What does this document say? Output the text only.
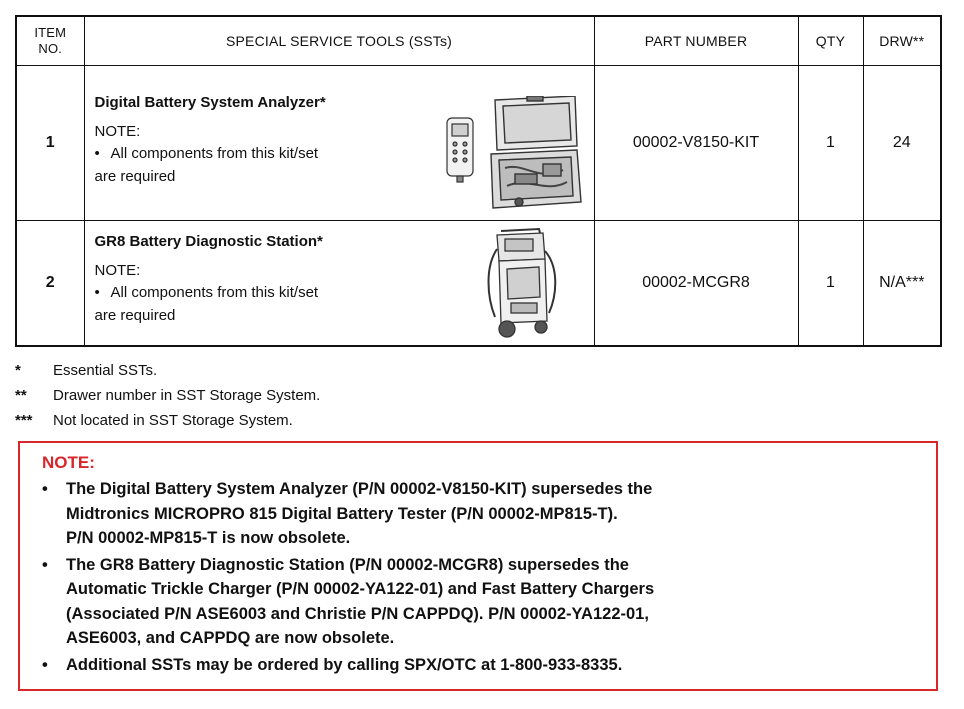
ITEM
NO.	SPECIAL SERVICE TOOLS (SSTs)	PART NUMBER	QTY	DRW**
1	Digital Battery System Analyzer*
NOTE:
• All components from this kit/set
are required	00002-V8150-KIT	1	24
2	GR8 Battery Diagnostic Station*
NOTE:
• All components from this kit/set
are required	00002-MCGR8	1	N/A***
*	Essential SSTs.
**	Drawer number in SST Storage System.
***	Not located in SST Storage System.
NOTE:
•	The Digital Battery System Analyzer (P/N 00002-V8150-KIT) supersedes the
Midtronics MICROPRO 815 Digital Battery Tester (P/N 00002-MP815-T).
P/N 00002-MP815-T is now obsolete.
•	The GR8 Battery Diagnostic Station (P/N 00002-MCGR8) supersedes the
Automatic Trickle Charger (P/N 00002-YA122-01) and Fast Battery Chargers
(Associated P/N ASE6003 and Christie P/N CAPPDQ). P/N 00002-YA122-01,
ASE6003, and CAPPDQ are now obsolete.
•	Additional SSTs may be ordered by calling SPX/OTC at 1-800-933-8335.
